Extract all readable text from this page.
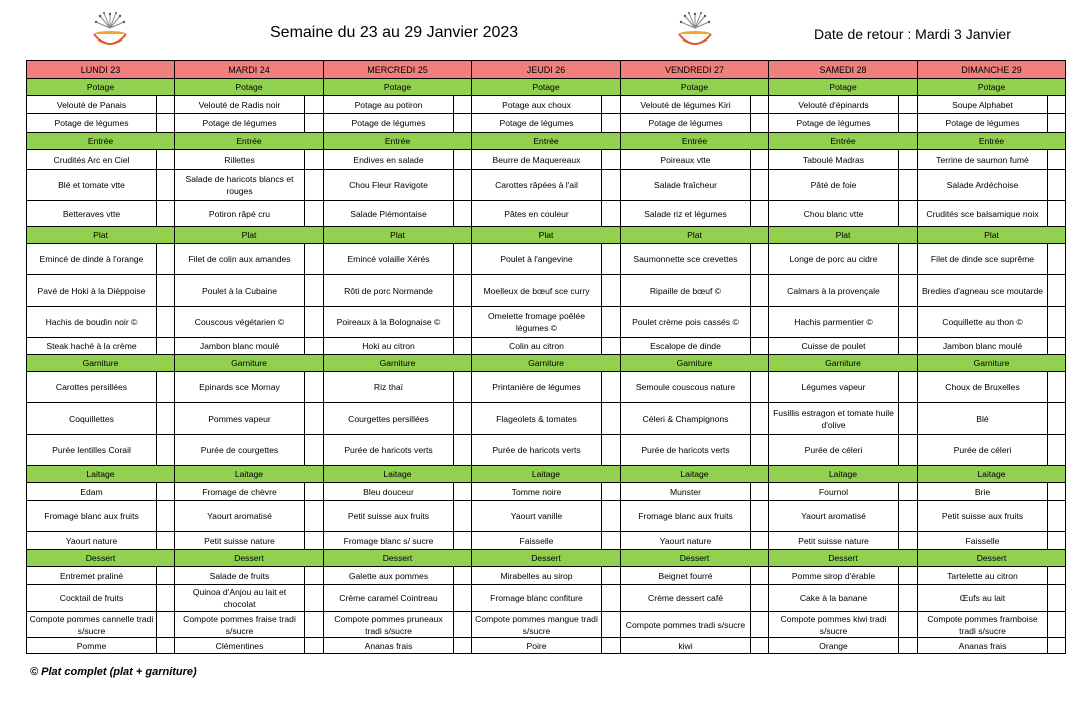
Semaine du 23 au 29 Janvier 2023	Date de retour : Mardi 3 Janvier
LUNDI 23		MARDI 24		MERCREDI 25		JEUDI 26		VENDREDI 27		SAMEDI 28		DIMANCHE 29	
Potage		Potage		Potage		Potage		Potage		Potage		Potage	
Velouté de Panais		Velouté de Radis noir		Potage au potiron		Potage aux choux		Velouté de légumes Kiri		Velouté d'épinards		Soupe Alphabet	
Potage de légumes		Potage de légumes		Potage de légumes		Potage de légumes		Potage de légumes		Potage de légumes		Potage de légumes	
Entrée		Entrée		Entrée		Entrée		Entrée		Entrée		Entrée	
Crudités Arc en Ciel		Rillettes		Endives en salade		Beurre de Maquereaux		Poireaux vtte		Taboulé Madras		Terrine de saumon fumé	
Blé et tomate vtte		Salade de haricots blancs et rouges		Chou Fleur Ravigote		Carottes râpées à l'ail		Salade fraîcheur		Pâté de foie		Salade Ardéchoise	
Betteraves vtte		Potiron râpé cru		Salade Piémontaise		Pâtes en couleur		Salade riz et légumes		Chou blanc vtte		Crudités sce balsamique noix	
Plat		Plat		Plat		Plat		Plat		Plat		Plat	
Emincé de dinde à l'orange		Filet de colin aux amandes		Emincé volaille Xérés		Poulet à l'angevine		Saumonnette sce crevettes		Longe de porc au cidre		Filet de dinde sce suprême	
Pavé de Hoki à la Dièppoise		Poulet à la Cubaine		Rôti de porc Normande		Moelleux de bœuf sce curry		Ripaille de bœuf ©		Calmars à la provençale		Bredies d'agneau sce moutarde	
Hachis de boudin noir ©		Couscous végétarien ©		Poireaux à la Bolognaise ©		Omelette fromage poêlée légumes ©		Poulet crème pois cassés ©		Hachis parmentier ©		Coquillette au thon ©	
Steak haché à la crème		Jambon blanc moulé		Hoki au citron		Colin au citron		Escalope de dinde		Cuisse de poulet		Jambon blanc moulé	
Garniture		Garniture		Garniture		Garniture		Garniture		Garniture		Garniture	
Carottes persillées		Epinards sce Mornay		Riz thaï		Printanière de légumes		Semoule couscous nature		Légumes vapeur		Choux de Bruxelles	
Coquillettes		Pommes vapeur		Courgettes persillées		Flageolets & tomates		Céleri & Champignons		Fusillis estragon et tomate huile d'olive		Blé	
Purée lentilles Corail		Purée de courgettes		Purée de haricots verts		Purée de haricots verts		Purée de haricots verts		Purée de céleri		Purée de céleri	
Laitage		Laitage		Laitage		Laitage		Laitage		Laitage		Laitage	
Edam		Fromage de chèvre		Bleu douceur		Tomme noire		Munster		Fournol		Brie	
Fromage blanc aux fruits		Yaourt aromatisé		Petit suisse aux fruits		Yaourt vanille		Fromage blanc aux fruits		Yaourt aromatisé		Petit suisse aux fruits	
Yaourt nature		Petit suisse nature		Fromage blanc s/ sucre		Faisselle		Yaourt nature		Petit suisse nature		Faisselle	
Dessert		Dessert		Dessert		Dessert		Dessert		Dessert		Dessert	
Entremet praliné		Salade de fruits		Galette aux pommes		Mirabelles au sirop		Beignet fourré		Pomme sirop d'érable		Tartelette au citron	
Cocktail de fruits		Quinoa d'Anjou au lait et chocolat		Crème caramel Cointreau		Fromage blanc confiture		Crème dessert café		Cake à la banane		Œufs au lait	
Compote pommes cannelle tradi s/sucre		Compote pommes fraise tradi s/sucre		Compote pommes pruneaux tradi s/sucre		Compote pommes mangue tradi s/sucre		Compote pommes tradi s/sucre		Compote pommes kiwi tradi s/sucre		Compote pommes framboise tradi s/sucre	
Pomme		Clémentines		Ananas frais		Poire		kiwi		Orange		Ananas frais	
© Plat complet (plat + garniture)
